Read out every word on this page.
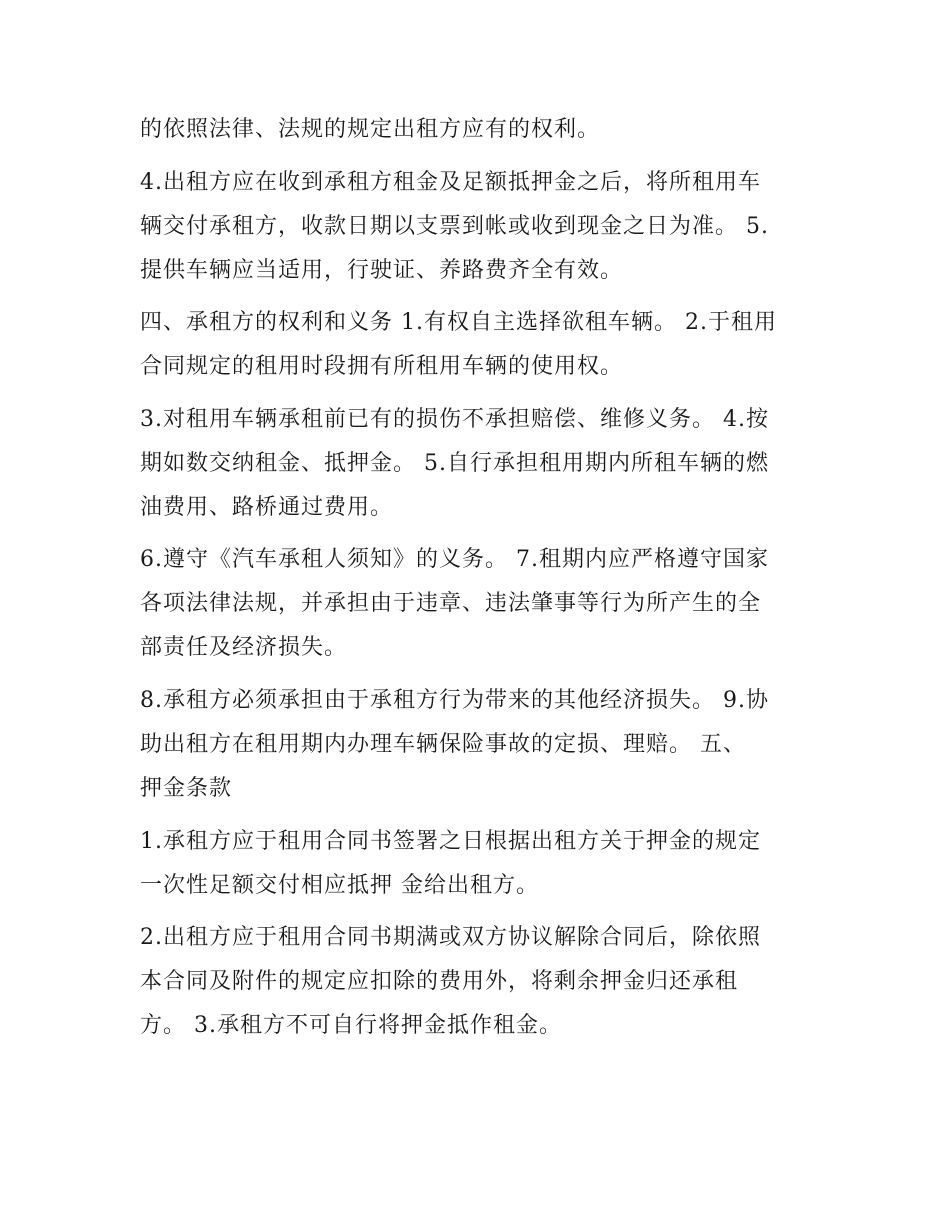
的依照法律、法规的规定出租方应有的权利。
4.出租方应在收到承租方租金及足额抵押金之后，将所租用车
辆交付承租方，收款日期以支票到帐或收到现金之日为准。 5.
提供车辆应当适用，行驶证、养路费齐全有效。
四、承租方的权利和义务 1.有权自主选择欲租车辆。 2.于租用
合同规定的租用时段拥有所租用车辆的使用权。
3.对租用车辆承租前已有的损伤不承担赔偿、维修义务。 4.按
期如数交纳租金、抵押金。 5.自行承担租用期内所租车辆的燃
油费用、路桥通过费用。
6.遵守《汽车承租人须知》的义务。 7.租期内应严格遵守国家
各项法律法规，并承担由于违章、违法肇事等行为所产生的全
部责任及经济损失。
8.承租方必须承担由于承租方行为带来的其他经济损失。 9.协
助出租方在租用期内办理车辆保险事故的定损、理赔。 五、
押金条款
1.承租方应于租用合同书签署之日根据出租方关于押金的规定
一次性足额交付相应抵押 金给出租方。
2.出租方应于租用合同书期满或双方协议解除合同后，除依照
本合同及附件的规定应扣除的费用外，将剩余押金归还承租
方。 3.承租方不可自行将押金抵作租金。
